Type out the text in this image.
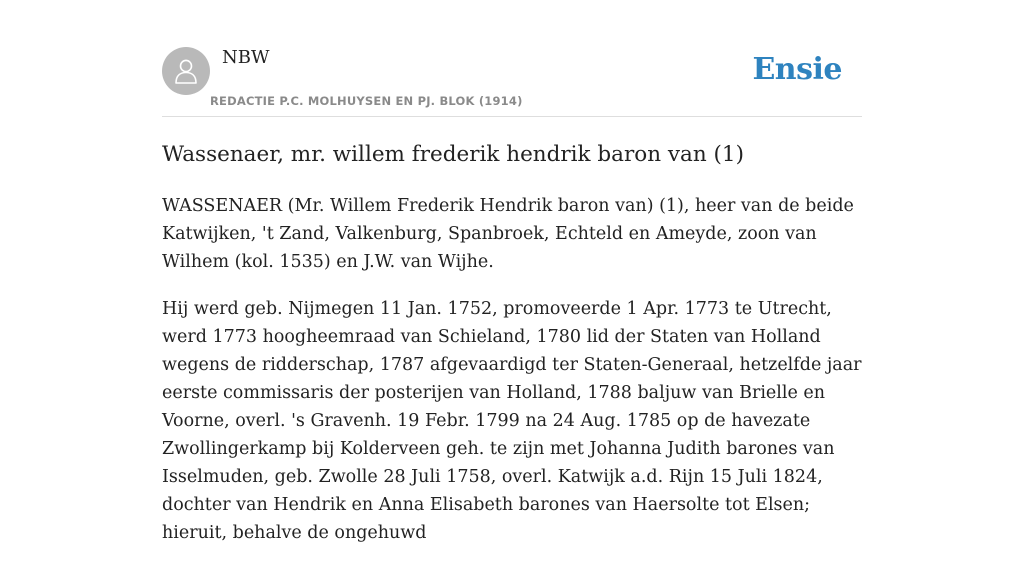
NBW
REDACTIE P.C. MOLHUYSEN EN PJ. BLOK (1914)
Ensie
Wassenaer, mr. willem frederik hendrik baron van (1)

WASSENAER (Mr. Willem Frederik Hendrik baron van) (1), heer van de beide Katwijken, 't Zand, Valkenburg, Spanbroek, Echteld en Ameyde, zoon van Wilhem (kol. 1535) en J.W. van Wijhe.

Hij werd geb. Nijmegen 11 Jan. 1752, promoveerde 1 Apr. 1773 te Utrecht, werd 1773 hoogheemraad van Schieland, 1780 lid der Staten van Holland wegens de ridderschap, 1787 afgevaardigd ter Staten-Generaal, hetzelfde jaar eerste commissaris der posterijen van Holland, 1788 baljuw van Brielle en Voorne, overl. 's Gravenh. 19 Febr. 1799 na 24 Aug. 1785 op de havezate Zwollingerkamp bij Kolderveen geh. te zijn met Johanna Judith barones van Isselmuden, geb. Zwolle 28 Juli 1758, overl. Katwijk a.d. Rijn 15 Juli 1824, dochter van Hendrik en Anna Elisabeth barones van Haersolte tot Elsen; hieruit, behalve de ongehuwd
